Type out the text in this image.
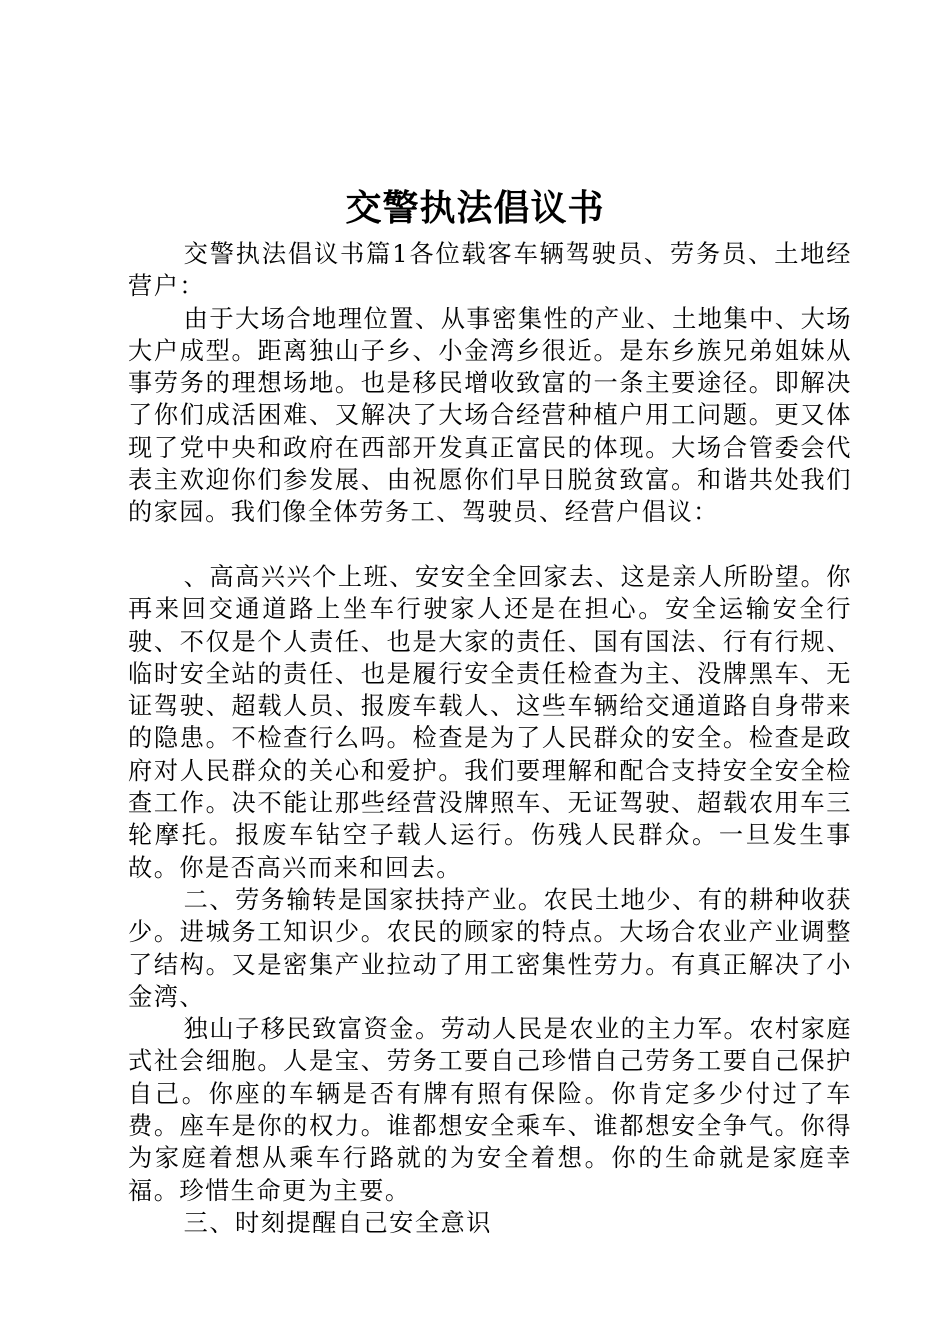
交警执法倡议书

交警执法倡议书篇1各位载客车辆驾驶员、劳务员、土地经营户：

由于大场合地理位置、从事密集性的产业、土地集中、大场大户成型。距离独山子乡、小金湾乡很近。是东乡族兄弟姐妹从事劳务的理想场地。也是移民增收致富的一条主要途径。即解决了你们成活困难、又解决了大场合经营种植户用工问题。更又体现了党中央和政府在西部开发真正富民的体现。大场合管委会代表主欢迎你们参发展、由祝愿你们早日脱贫致富。和谐共处我们的家园。我们像全体劳务工、驾驶员、经营户倡议：

、高高兴兴个上班、安安全全回家去、这是亲人所盼望。你再来回交通道路上坐车行驶家人还是在担心。安全运输安全行驶、不仅是个人责任、也是大家的责任、国有国法、行有行规、临时安全站的责任、也是履行安全责任检查为主、没牌黑车、无证驾驶、超载人员、报废车载人、这些车辆给交通道路自身带来的隐患。不检查行么吗。检查是为了人民群众的安全。检查是政府对人民群众的关心和爱护。我们要理解和配合支持安全安全检查工作。决不能让那些经营没牌照车、无证驾驶、超载农用车三轮摩托。报废车钻空子载人运行。伤残人民群众。一旦发生事故。你是否高兴而来和回去。

二、劳务输转是国家扶持产业。农民土地少、有的耕种收获少。进城务工知识少。农民的顾家的特点。大场合农业产业调整了结构。又是密集产业拉动了用工密集性劳力。有真正解决了小金湾、

独山子移民致富资金。劳动人民是农业的主力军。农村家庭式社会细胞。人是宝、劳务工要自己珍惜自己劳务工要自己保护自己。你座的车辆是否有牌有照有保险。你肯定多少付过了车费。座车是你的权力。谁都想安全乘车、谁都想安全争气。你得为家庭着想从乘车行路就的为安全着想。你的生命就是家庭幸福。珍惜生命更为主要。

三、时刻提醒自己安全意识
